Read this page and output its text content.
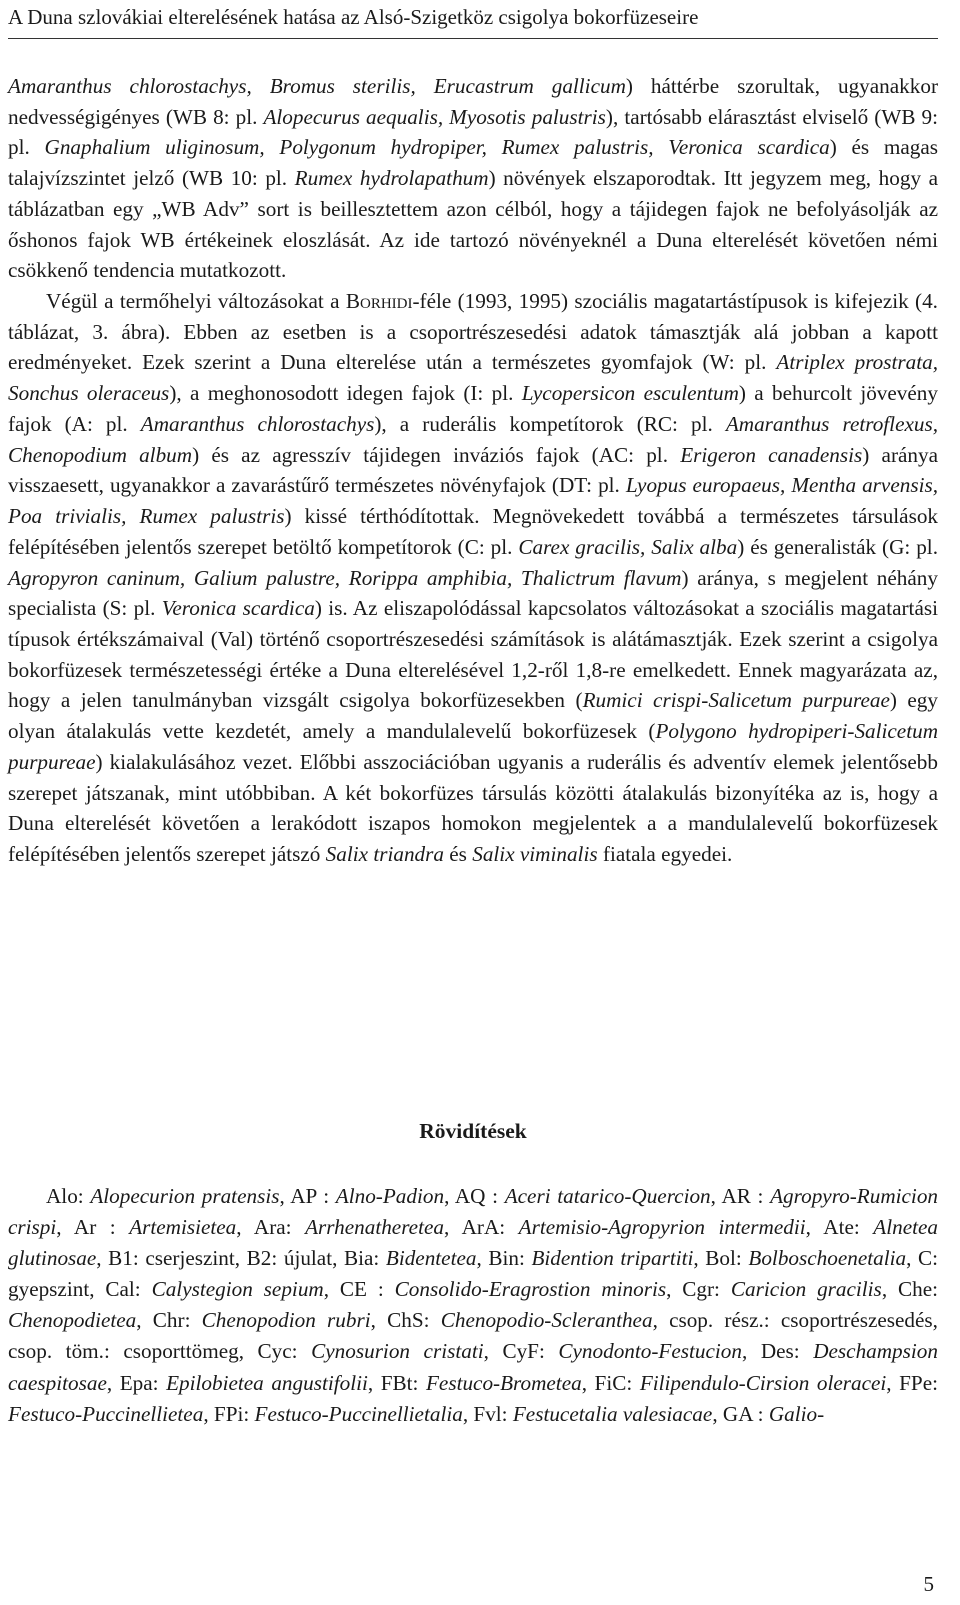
A Duna szlovákiai elterelésének hatása az Alsó-Szigetköz csigolya bokorfüzeseire

Amaranthus chlorostachys, Bromus sterilis, Erucastrum gallicum) háttérbe szorultak, ugyanakkor nedvességigényes (WB 8: pl. Alopecurus aequalis, Myosotis palustris), tartósabb elárasztást elviselő (WB 9: pl. Gnaphalium uliginosum, Polygonum hydropiper, Rumex palustris, Veronica scardica) és magas talajvízszintet jelző (WB 10: pl. Rumex hydrolapathum) növények elszaporodtak. Itt jegyzem meg, hogy a táblázatban egy „WB Adv” sort is beillesztettem azon célból, hogy a tájidegen fajok ne befolyásolják az őshonos fajok WB értékeinek eloszlását. Az ide tartozó növényeknél a Duna elterelését követően némi csökkenő tendencia mutatkozott.

Végül a termőhelyi változásokat a Borhidi-féle (1993, 1995) szociális magatartástípusok is kifejezik (4. táblázat, 3. ábra). Ebben az esetben is a csoportrészesedési adatok támasztják alá jobban a kapott eredményeket. Ezek szerint a Duna elterelése után a természetes gyomfajok (W: pl. Atriplex prostrata, Sonchus oleraceus), a meghonosodott idegen fajok (I: pl. Lycopersicon esculentum) a behurcolt jövevény fajok (A: pl. Amaranthus chlorostachys), a ruderális kompetítorok (RC: pl. Amaranthus retroflexus, Chenopodium album) és az agresszív tájidegen inváziós fajok (AC: pl. Erigeron canadensis) aránya visszaesett, ugyanakkor a zavarástűrő természetes növényfajok (DT: pl. Lyopus europaeus, Mentha arvensis, Poa trivialis, Rumex palustris) kissé térthódítottak. Megnövekedett továbbá a természetes társulások felépítésében jelentős szerepet betöltő kompetítorok (C: pl. Carex gracilis, Salix alba) és generalisták (G: pl. Agropyron caninum, Galium palustre, Rorippa amphibia, Thalictrum flavum) aránya, s megjelent néhány specialista (S: pl. Veronica scardica) is. Az eliszapolódással kapcsolatos változásokat a szociális magatartási típusok értékszámaival (Val) történő csoportrészesedési számítások is alátámasztják. Ezek szerint a csigolya bokorfüzesek természetességi értéke a Duna elterelésével 1,2-ről 1,8-re emelkedett. Ennek magyarázata az, hogy a jelen tanulmányban vizsgált csigolya bokorfüzesekben (Rumici crispi-Salicetum purpureae) egy olyan átalakulás vette kezdetét, amely a mandulalevelű bokorfüzesek (Polygono hydropiperi-Salicetum purpureae) kialakulásához vezet. Előbbi asszociációban ugyanis a ruderális és adventív elemek jelentősebb szerepet játszanak, mint utóbbiban. A két bokorfüzes társulás közötti átalakulás bizonyítéka az is, hogy a Duna elterelését követően a lerakódott iszapos homokon megjelentek a a mandulalevelű bokorfüzesek felépítésében jelentős szerepet játszó Salix triandra és Salix viminalis fiatala egyedei.

Rövidítések

Alo: Alopecurion pratensis, AP : Alno-Padion, AQ : Aceri tatarico-Quercion, AR : Agropyro-Rumicion crispi, Ar : Artemisietea, Ara: Arrhenatheretea, ArA: Artemisio-Agropyrion intermedii, Ate: Alnetea glutinosae, B1: cserjeszint, B2: újulat, Bia: Bidentetea, Bin: Bidention tripartiti, Bol: Bolboschoenetalia, C: gyepszint, Cal: Calystegion sepium, CE : Consolido-Eragrostion minoris, Cgr: Caricion gracilis, Che: Chenopodietea, Chr: Chenopodion rubri, ChS: Chenopodio-Scleranthea, csop. rész.: csoportrészesedés, csop. töm.: csoporttömeg, Cyc: Cynosurion cristati, CyF: Cynodonto-Festucion, Des: Deschampsion caespitosae, Epa: Epilobietea angustifolii, FBt: Festuco-Brometea, FiC: Filipendulo-Cirsion oleracei, FPe: Festuco-Puccinellietea, FPi: Festuco-Puccinellietalia, Fvl: Festucetalia valesiacae, GA : Galio-

5
